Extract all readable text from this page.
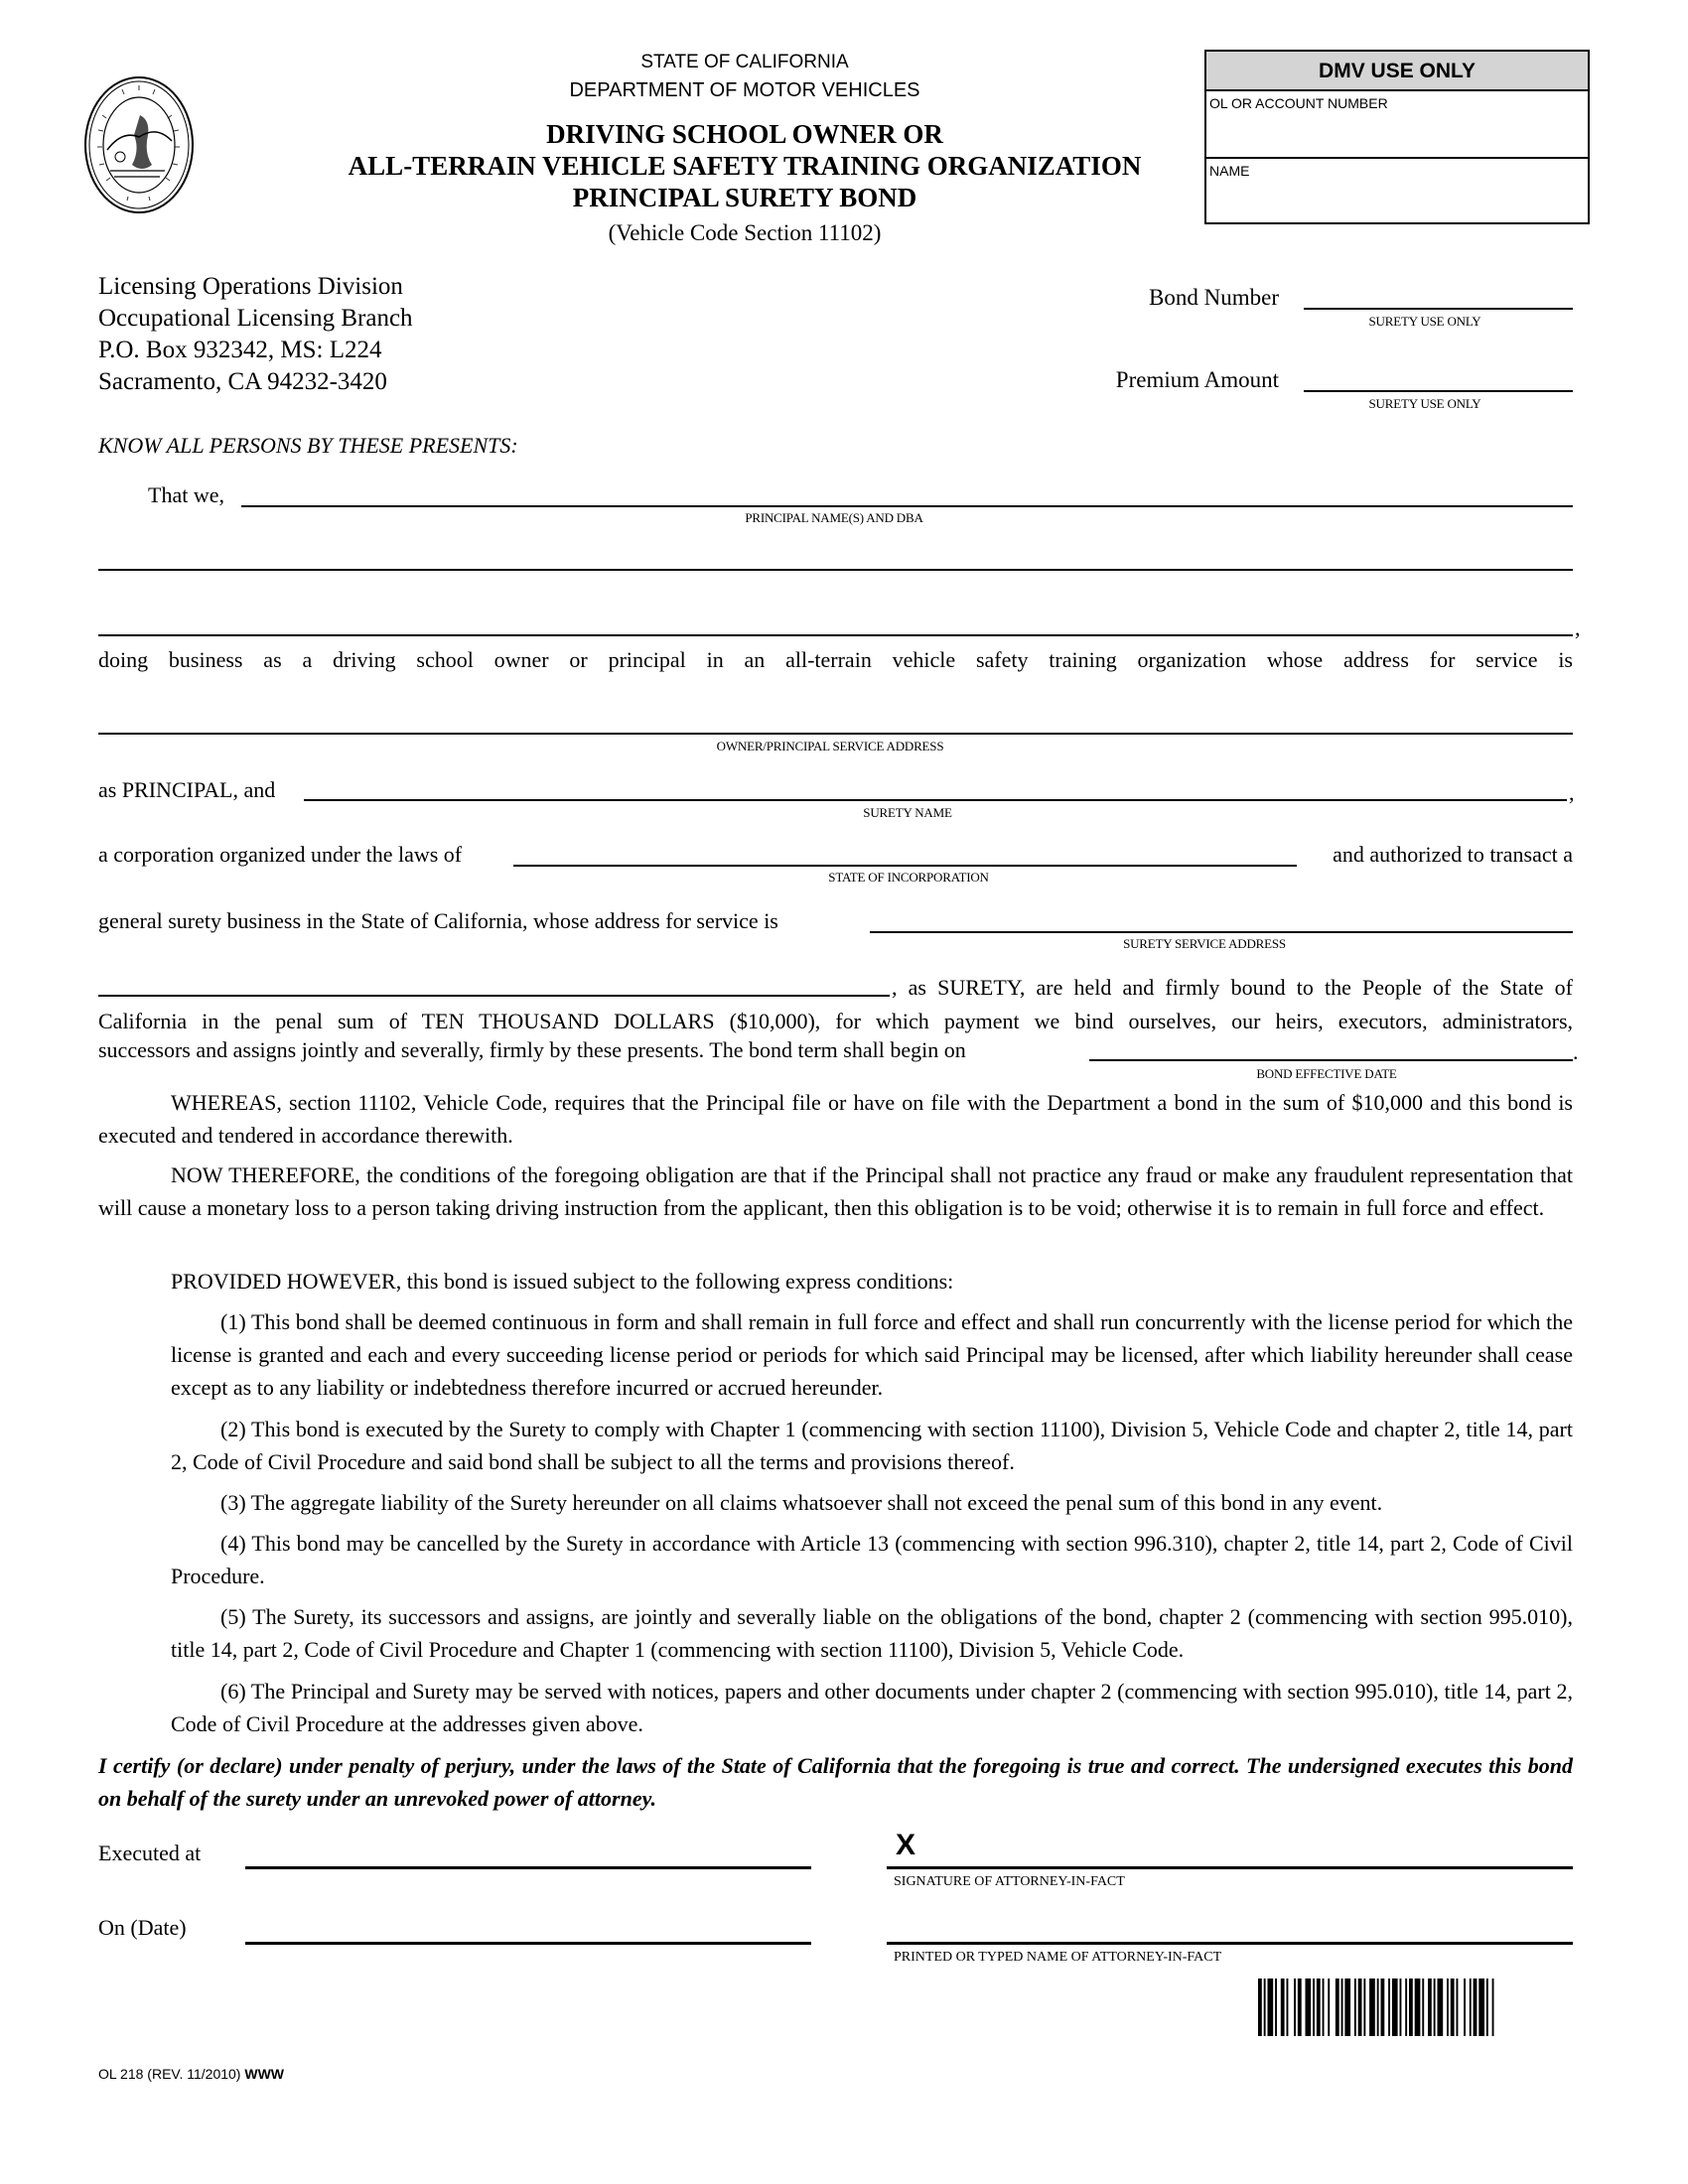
STATE OF CALIFORNIA
DEPARTMENT OF MOTOR VEHICLES
DRIVING SCHOOL OWNER OR
ALL-TERRAIN VEHICLE SAFETY TRAINING ORGANIZATION
PRINCIPAL SURETY BOND
(Vehicle Code Section 11102)
DMV USE ONLY
OL OR ACCOUNT NUMBER
NAME
Licensing Operations Division
Occupational Licensing Branch
P.O. Box 932342, MS: L224
Sacramento, CA 94232-3420
Bond Number
SURETY USE ONLY
Premium Amount
SURETY USE ONLY
KNOW ALL PERSONS BY THESE PRESENTS:
That we,
PRINCIPAL NAME(S) AND DBA
,
doing business as a driving school owner or principal in an all-terrain vehicle safety training organization whose address for service is
OWNER/PRINCIPAL SERVICE ADDRESS
as PRINCIPAL, and	,
SURETY NAME
a corporation organized under the laws of	and authorized to transact a
STATE OF INCORPORATION
general surety business in the State of California, whose address for service is
SURETY SERVICE ADDRESS
, as SURETY, are held and firmly bound to the People of the State of
California in the penal sum of TEN THOUSAND DOLLARS ($10,000), for which payment we bind ourselves, our heirs, executors, administrators,
successors and assigns jointly and severally, firmly by these presents. The bond term shall begin on	.
BOND EFFECTIVE DATE
WHEREAS, section 11102, Vehicle Code, requires that the Principal file or have on file with the Department a bond in the sum of $10,000 and this bond is executed and tendered in accordance therewith.
NOW THEREFORE, the conditions of the foregoing obligation are that if the Principal shall not practice any fraud or make any fraudulent representation that will cause a monetary loss to a person taking driving instruction from the applicant, then this obligation is to be void; otherwise it is to remain in full force and effect.
PROVIDED HOWEVER, this bond is issued subject to the following express conditions:
(1) This bond shall be deemed continuous in form and shall remain in full force and effect and shall run concurrently with the license period for which the license is granted and each and every succeeding license period or periods for which said Principal may be licensed, after which liability hereunder shall cease except as to any liability or indebtedness therefore incurred or accrued hereunder.
(2) This bond is executed by the Surety to comply with Chapter 1 (commencing with section 11100), Division 5, Vehicle Code and chapter 2, title 14, part 2, Code of Civil Procedure and said bond shall be subject to all the terms and provisions thereof.
(3) The aggregate liability of the Surety hereunder on all claims whatsoever shall not exceed the penal sum of this bond in any event.
(4) This bond may be cancelled by the Surety in accordance with Article 13 (commencing with section 996.310), chapter 2, title 14, part 2, Code of Civil Procedure.
(5) The Surety, its successors and assigns, are jointly and severally liable on the obligations of the bond, chapter 2 (commencing with section 995.010), title 14, part 2, Code of Civil Procedure and Chapter 1 (commencing with section 11100), Division 5, Vehicle Code.
(6) The Principal and Surety may be served with notices, papers and other documents under chapter 2 (commencing with section 995.010), title 14, part 2, Code of Civil Procedure at the addresses given above.
I certify (or declare) under penalty of perjury, under the laws of the State of California that the foregoing is true and correct. The undersigned executes this bond on behalf of the surety under an unrevoked power of attorney.
Executed at	X
SIGNATURE OF ATTORNEY-IN-FACT
On (Date)
PRINTED OR TYPED NAME OF ATTORNEY-IN-FACT
OL 218 (REV. 11/2010) WWW
